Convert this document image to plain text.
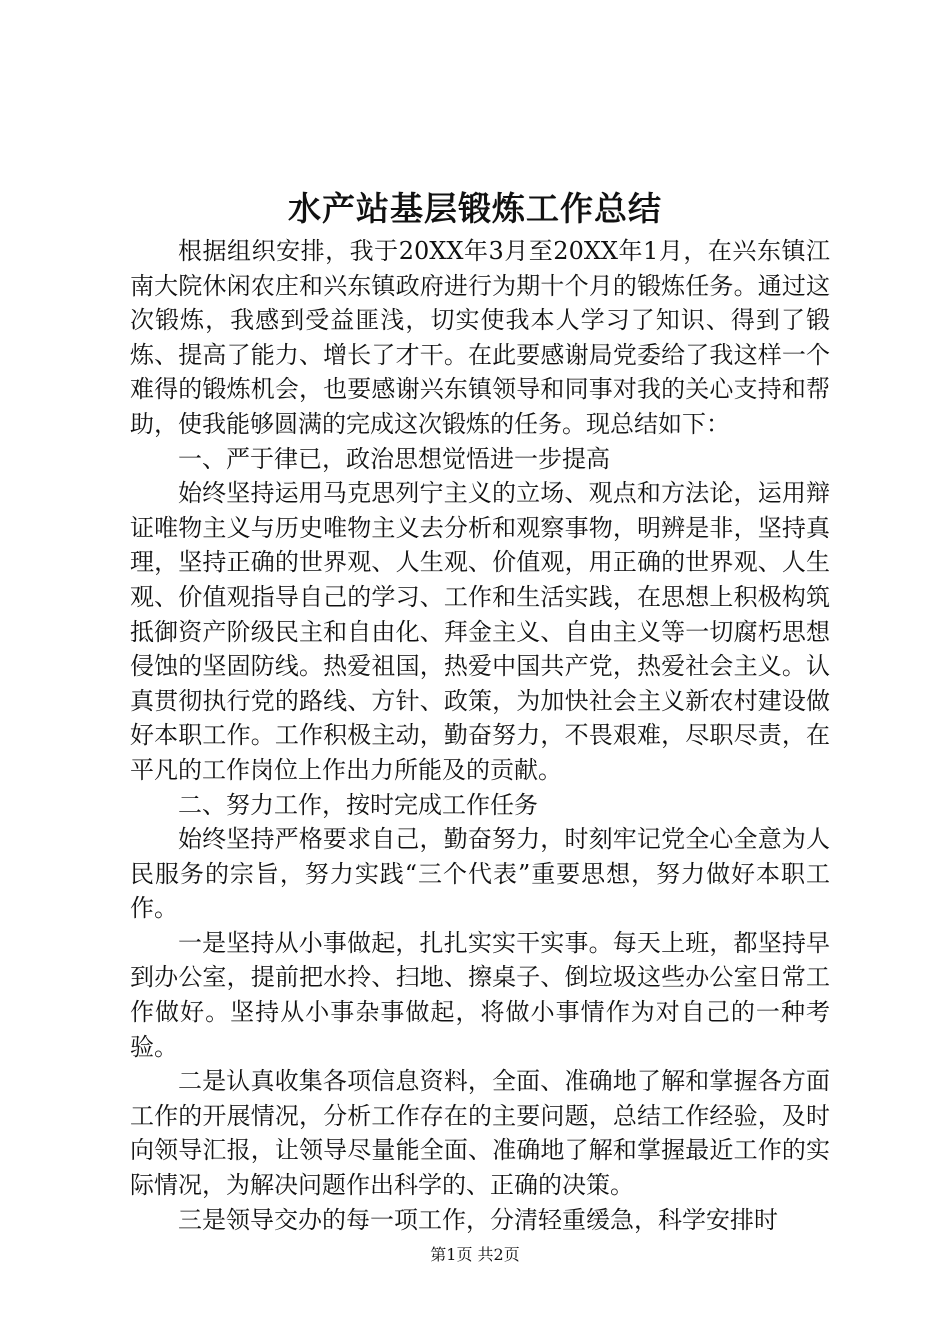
水产站基层锻炼工作总结

根据组织安排，我于20XX年3月至20XX年1月，在兴东镇江南大院休闲农庄和兴东镇政府进行为期十个月的锻炼任务。通过这次锻炼，我感到受益匪浅，切实使我本人学习了知识、得到了锻炼、提高了能力、增长了才干。在此要感谢局党委给了我这样一个难得的锻炼机会，也要感谢兴东镇领导和同事对我的关心支持和帮助，使我能够圆满的完成这次锻炼的任务。现总结如下：

一、严于律已，政治思想觉悟进一步提高

始终坚持运用马克思列宁主义的立场、观点和方法论，运用辩证唯物主义与历史唯物主义去分析和观察事物，明辨是非，坚持真理，坚持正确的世界观、人生观、价值观，用正确的世界观、人生观、价值观指导自己的学习、工作和生活实践，在思想上积极构筑抵御资产阶级民主和自由化、拜金主义、自由主义等一切腐朽思想侵蚀的坚固防线。热爱祖国，热爱中国共产党，热爱社会主义。认真贯彻执行党的路线、方针、政策，为加快社会主义新农村建设做好本职工作。工作积极主动，勤奋努力，不畏艰难，尽职尽责，在平凡的工作岗位上作出力所能及的贡献。

二、努力工作，按时完成工作任务

始终坚持严格要求自己，勤奋努力，时刻牢记党全心全意为人民服务的宗旨，努力实践“三个代表”重要思想，努力做好本职工作。

一是坚持从小事做起，扎扎实实干实事。每天上班，都坚持早到办公室，提前把水拎、扫地、擦桌子、倒垃圾这些办公室日常工作做好。坚持从小事杂事做起，将做小事情作为对自己的一种考验。

二是认真收集各项信息资料，全面、准确地了解和掌握各方面工作的开展情况，分析工作存在的主要问题，总结工作经验，及时向领导汇报，让领导尽量能全面、准确地了解和掌握最近工作的实际情况，为解决问题作出科学的、正确的决策。

三是领导交办的每一项工作，分清轻重缓急，科学安排时

第1页 共2页
